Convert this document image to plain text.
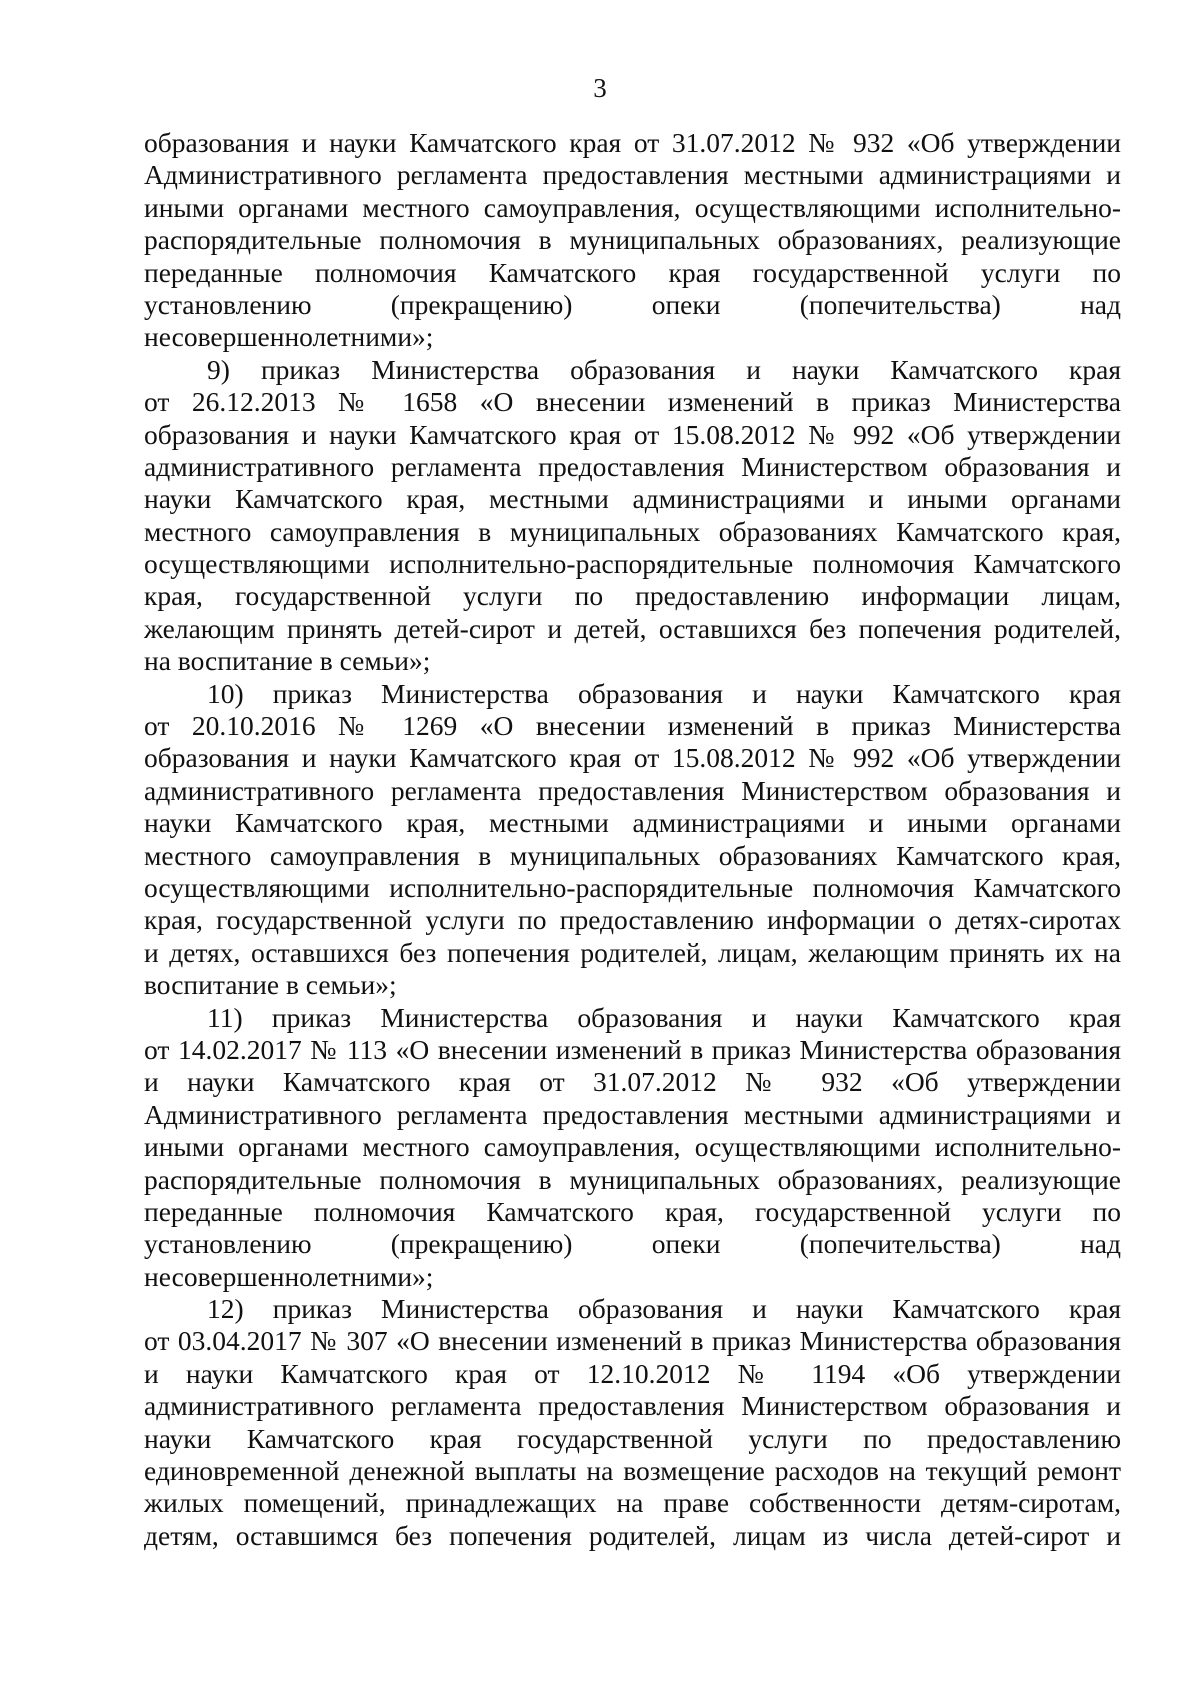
3
образования и науки Камчатского края от 31.07.2012 № 932 «Об утверждении
Административного регламента предоставления местными администрациями и
иными органами местного самоуправления, осуществляющими исполнительно-
распорядительные полномочия в муниципальных образованиях, реализующие
переданные полномочия Камчатского края государственной услуги по
установлению (прекращению) опеки (попечительства) над
несовершеннолетними»;
9) приказ Министерства образования и науки Камчатского края
от 26.12.2013 № 1658 «О внесении изменений в приказ Министерства
образования и науки Камчатского края от 15.08.2012 № 992 «Об утверждении
административного регламента предоставления Министерством образования и
науки Камчатского края, местными администрациями и иными органами
местного самоуправления в муниципальных образованиях Камчатского края,
осуществляющими исполнительно-распорядительные полномочия Камчатского
края, государственной услуги по предоставлению информации лицам,
желающим принять детей-сирот и детей, оставшихся без попечения родителей,
на воспитание в семьи»;
10) приказ Министерства образования и науки Камчатского края
от 20.10.2016 № 1269 «О внесении изменений в приказ Министерства
образования и науки Камчатского края от 15.08.2012 № 992 «Об утверждении
административного регламента предоставления Министерством образования и
науки Камчатского края, местными администрациями и иными органами
местного самоуправления в муниципальных образованиях Камчатского края,
осуществляющими исполнительно-распорядительные полномочия Камчатского
края, государственной услуги по предоставлению информации о детях-сиротах
и детях, оставшихся без попечения родителей, лицам, желающим принять их на
воспитание в семьи»;
11) приказ Министерства образования и науки Камчатского края
от 14.02.2017 № 113 «О внесении изменений в приказ Министерства образования
и науки Камчатского края от 31.07.2012 № 932 «Об утверждении
Административного регламента предоставления местными администрациями и
иными органами местного самоуправления, осуществляющими исполнительно-
распорядительные полномочия в муниципальных образованиях, реализующие
переданные полномочия Камчатского края, государственной услуги по
установлению (прекращению) опеки (попечительства) над
несовершеннолетними»;
12) приказ Министерства образования и науки Камчатского края
от 03.04.2017 № 307 «О внесении изменений в приказ Министерства образования
и науки Камчатского края от 12.10.2012 № 1194 «Об утверждении
административного регламента предоставления Министерством образования и
науки Камчатского края государственной услуги по предоставлению
единовременной денежной выплаты на возмещение расходов на текущий ремонт
жилых помещений, принадлежащих на праве собственности детям-сиротам,
детям, оставшимся без попечения родителей, лицам из числа детей-сирот и
